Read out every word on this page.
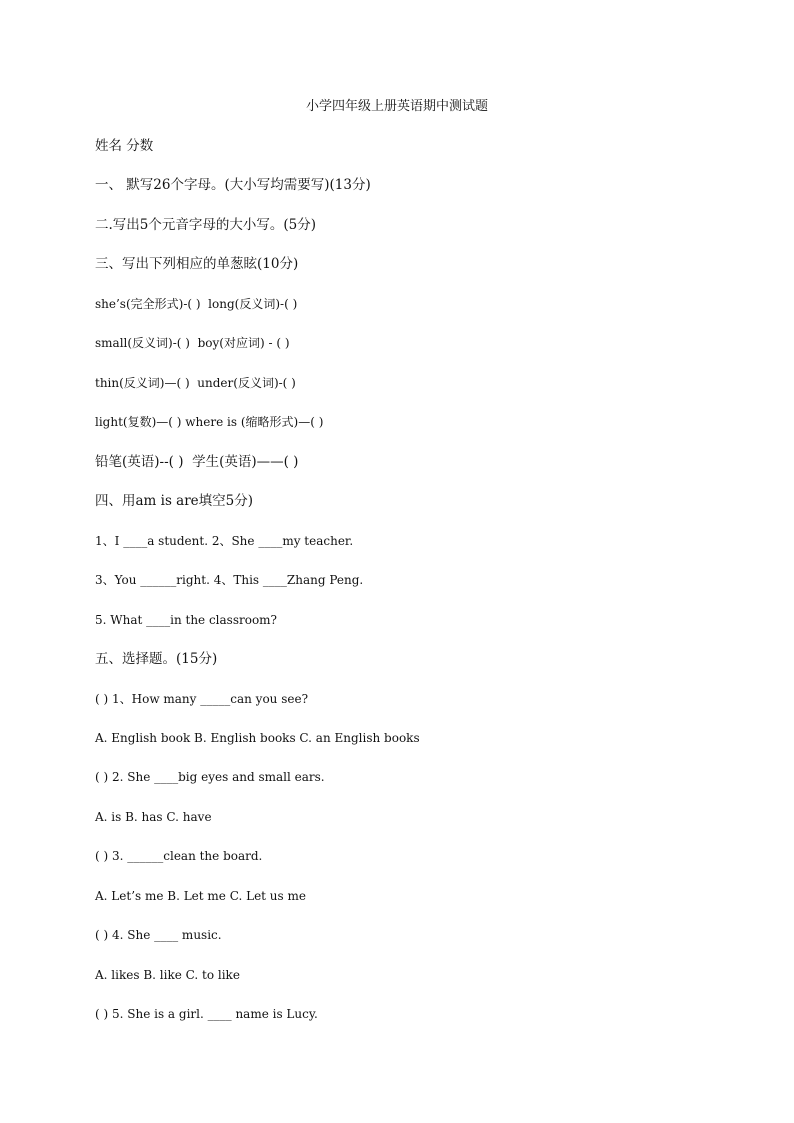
小学四年级上册英语期中测试题
姓名 分数
一、 默写26个字母。(大小写均需要写)(13分)
二.写出5个元音字母的大小写。(5分)
三、写出下列相应的单葱眩(10分)
she’s(完全形式)-( )  long(反义词)-( )
small(反义词)-( )  boy(对应词) - ( )
thin(反义词)—( )  under(反义词)-( )
light(复数)—( ) where is (缩略形式)—( )
铅笔(英语)--( )  学生(英语)——( )
四、用am is are填空5分)
1、I ____a student. 2、She ____my teacher.
3、You ______right. 4、This ____Zhang Peng.
5. What ____in the classroom?
五、选择题。(15分)
( ) 1、How many _____can you see?
A. English book B. English books C. an English books
( ) 2. She ____big eyes and small ears.
A. is B. has C. have
( ) 3. ______clean the board.
A. Let’s me B. Let me C. Let us me
( ) 4. She ____ music.
A. likes B. like C. to like
( ) 5. She is a girl. ____ name is Lucy.
